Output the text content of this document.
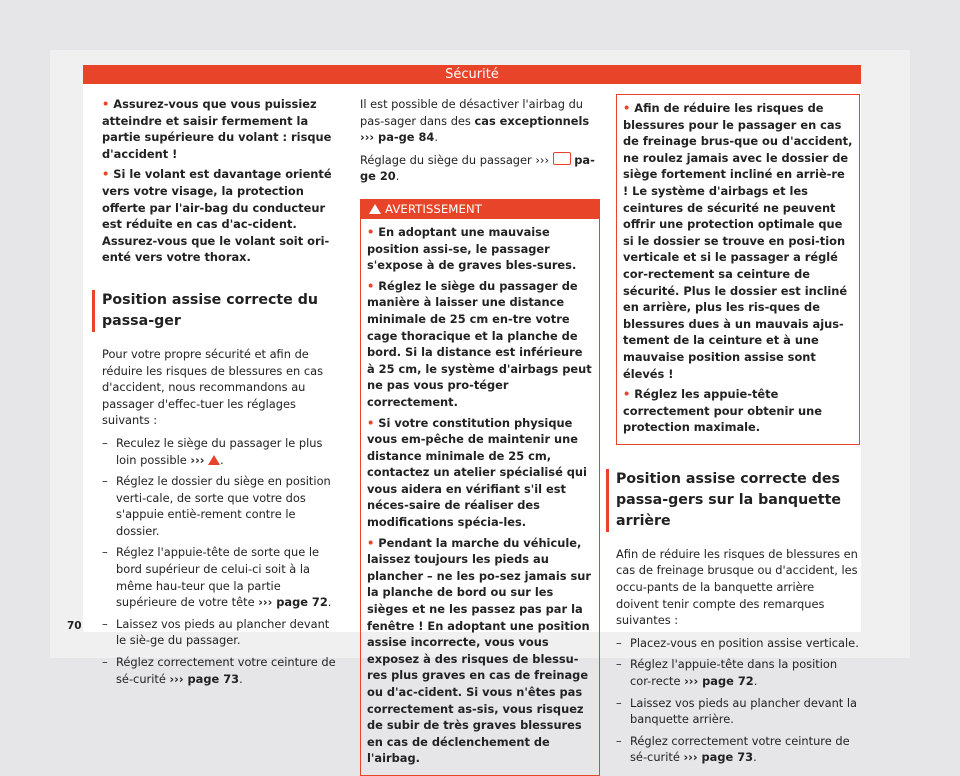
Sécurité
• Assurez-vous que vous puissiez atteindre et saisir fermement la partie supérieure du volant : risque d'accident !
• Si le volant est davantage orienté vers votre visage, la protection offerte par l'air-bag du conducteur est réduite en cas d'ac-cident. Assurez-vous que le volant soit ori-enté vers votre thorax.
Position assise correcte du passa-ger

Pour votre propre sécurité et afin de réduire les risques de blessures en cas d'accident, nous recommandons au passager d'effec-tuer les réglages suivants :

– Reculez le siège du passager le plus loin possible ››› .
– Réglez le dossier du siège en position verti-cale, de sorte que votre dos s'appuie entiè-rement contre le dossier.
– Réglez l'appuie-tête de sorte que le bord supérieur de celui-ci soit à la même hau-teur que la partie supérieure de votre tête ››› page 72.
– Laissez vos pieds au plancher devant le siè-ge du passager.
– Réglez correctement votre ceinture de sé-curité ››› page 73.

Il est possible de désactiver l'airbag du pas-sager dans des cas exceptionnels ››› pa-ge 84.

Réglage du siège du passager ››› pa-ge 20.

AVERTISSEMENT
• En adoptant une mauvaise position assi-se, le passager s'expose à de graves bles-sures.
• Réglez le siège du passager de manière à laisser une distance minimale de 25 cm en-tre votre cage thoracique et la planche de bord. Si la distance est inférieure à 25 cm, le système d'airbags peut ne pas vous pro-téger correctement.
• Si votre constitution physique vous em-pêche de maintenir une distance minimale de 25 cm, contactez un atelier spécialisé qui vous aidera en vérifiant s'il est néces-saire de réaliser des modifications spécia-les.
• Pendant la marche du véhicule, laissez toujours les pieds au plancher – ne les po-sez jamais sur la planche de bord ou sur les sièges et ne les passez pas par la fenêtre ! En adoptant une position assise incorrecte, vous vous exposez à des risques de blessu-res plus graves en cas de freinage ou d'ac-cident. Si vous n'êtes pas correctement as-sis, vous risquez de subir de très graves blessures en cas de déclenchement de l'airbag.
• Afin de réduire les risques de blessures pour le passager en cas de freinage brus-que ou d'accident, ne roulez jamais avec le dossier de siège fortement incliné en arriè-re ! Le système d'airbags et les ceintures de sécurité ne peuvent offrir une protection optimale que si le dossier se trouve en posi-tion verticale et si le passager a réglé cor-rectement sa ceinture de sécurité. Plus le dossier est incliné en arrière, plus les ris-ques de blessures dues à un mauvais ajus-tement de la ceinture et à une mauvaise position assise sont élevés !
• Réglez les appuie-tête correctement pour obtenir une protection maximale.
Position assise correcte des passa-gers sur la banquette arrière

Afin de réduire les risques de blessures en cas de freinage brusque ou d'accident, les occu-pants de la banquette arrière doivent tenir compte des remarques suivantes :

– Placez-vous en position assise verticale.
– Réglez l'appuie-tête dans la position cor-recte ››› page 72.
– Laissez vos pieds au plancher devant la banquette arrière.
– Réglez correctement votre ceinture de sé-curité ››› page 73.
70
